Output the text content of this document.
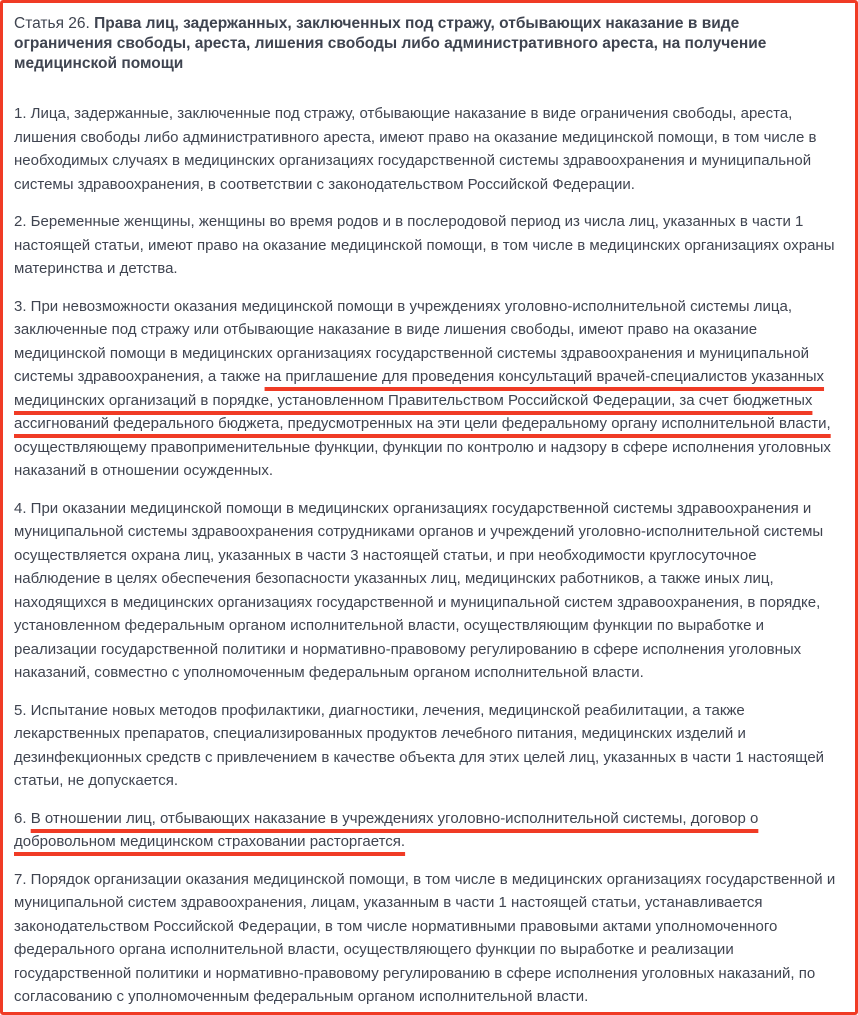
Статья 26. Права лиц, задержанных, заключенных под стражу, отбывающих наказание в виде ограничения свободы, ареста, лишения свободы либо административного ареста, на получение медицинской помощи

1. Лица, задержанные, заключенные под стражу, отбывающие наказание в виде ограничения свободы, ареста, лишения свободы либо административного ареста, имеют право на оказание медицинской помощи, в том числе в необходимых случаях в медицинских организациях государственной системы здравоохранения и муниципальной системы здравоохранения, в соответствии с законодательством Российской Федерации.

2. Беременные женщины, женщины во время родов и в послеродовой период из числа лиц, указанных в части 1 настоящей статьи, имеют право на оказание медицинской помощи, в том числе в медицинских организациях охраны материнства и детства.

3. При невозможности оказания медицинской помощи в учреждениях уголовно-исполнительной системы лица, заключенные под стражу или отбывающие наказание в виде лишения свободы, имеют право на оказание медицинской помощи в медицинских организациях государственной системы здравоохранения и муниципальной системы здравоохранения, а также на приглашение для проведения консультаций врачей-специалистов указанных медицинских организаций в порядке, установленном Правительством Российской Федерации, за счет бюджетных ассигнований федерального бюджета, предусмотренных на эти цели федеральному органу исполнительной власти, осуществляющему правоприменительные функции, функции по контролю и надзору в сфере исполнения уголовных наказаний в отношении осужденных.

4. При оказании медицинской помощи в медицинских организациях государственной системы здравоохранения и муниципальной системы здравоохранения сотрудниками органов и учреждений уголовно-исполнительной системы осуществляется охрана лиц, указанных в части 3 настоящей статьи, и при необходимости круглосуточное наблюдение в целях обеспечения безопасности указанных лиц, медицинских работников, а также иных лиц, находящихся в медицинских организациях государственной и муниципальной систем здравоохранения, в порядке, установленном федеральным органом исполнительной власти, осуществляющим функции по выработке и реализации государственной политики и нормативно-правовому регулированию в сфере исполнения уголовных наказаний, совместно с уполномоченным федеральным органом исполнительной власти.

5. Испытание новых методов профилактики, диагностики, лечения, медицинской реабилитации, а также лекарственных препаратов, специализированных продуктов лечебного питания, медицинских изделий и дезинфекционных средств с привлечением в качестве объекта для этих целей лиц, указанных в части 1 настоящей статьи, не допускается.

6. В отношении лиц, отбывающих наказание в учреждениях уголовно-исполнительной системы, договор о добровольном медицинском страховании расторгается.

7. Порядок организации оказания медицинской помощи, в том числе в медицинских организациях государственной и муниципальной систем здравоохранения, лицам, указанным в части 1 настоящей статьи, устанавливается законодательством Российской Федерации, в том числе нормативными правовыми актами уполномоченного федерального органа исполнительной власти, осуществляющего функции по выработке и реализации государственной политики и нормативно-правовому регулированию в сфере исполнения уголовных наказаний, по согласованию с уполномоченным федеральным органом исполнительной власти.
